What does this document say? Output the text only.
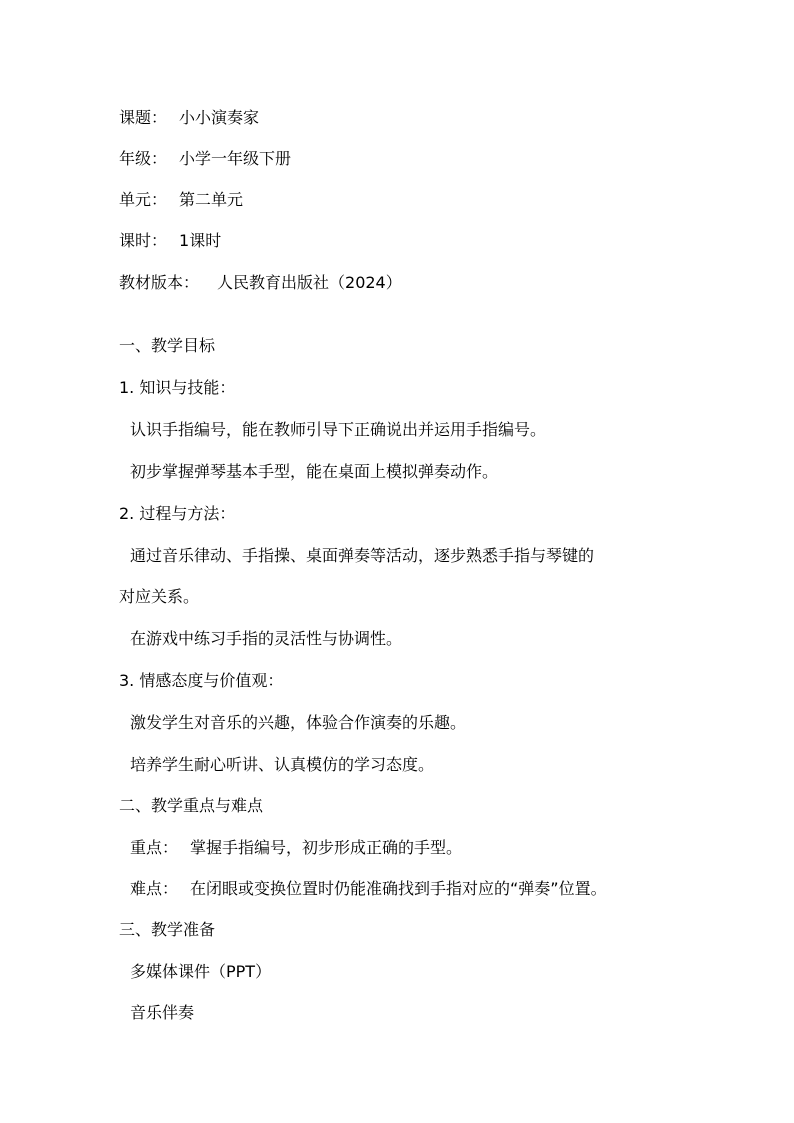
课题： 小小演奏家
年级： 小学一年级下册
单元： 第二单元
课时： 1课时
教材版本： 人民教育出版社（2024）
一、教学目标
1. 知识与技能：
认识手指编号，能在教师引导下正确说出并运用手指编号。
初步掌握弹琴基本手型，能在桌面上模拟弹奏动作。
2. 过程与方法：
通过音乐律动、手指操、桌面弹奏等活动，逐步熟悉手指与琴键的
对应关系。
在游戏中练习手指的灵活性与协调性。
3. 情感态度与价值观：
激发学生对音乐的兴趣，体验合作演奏的乐趣。
培养学生耐心听讲、认真模仿的学习态度。
二、教学重点与难点
重点： 掌握手指编号，初步形成正确的手型。
难点： 在闭眼或变换位置时仍能准确找到手指对应的“弹奏”位置。
三、教学准备
多媒体课件（PPT）
音乐伴奏
